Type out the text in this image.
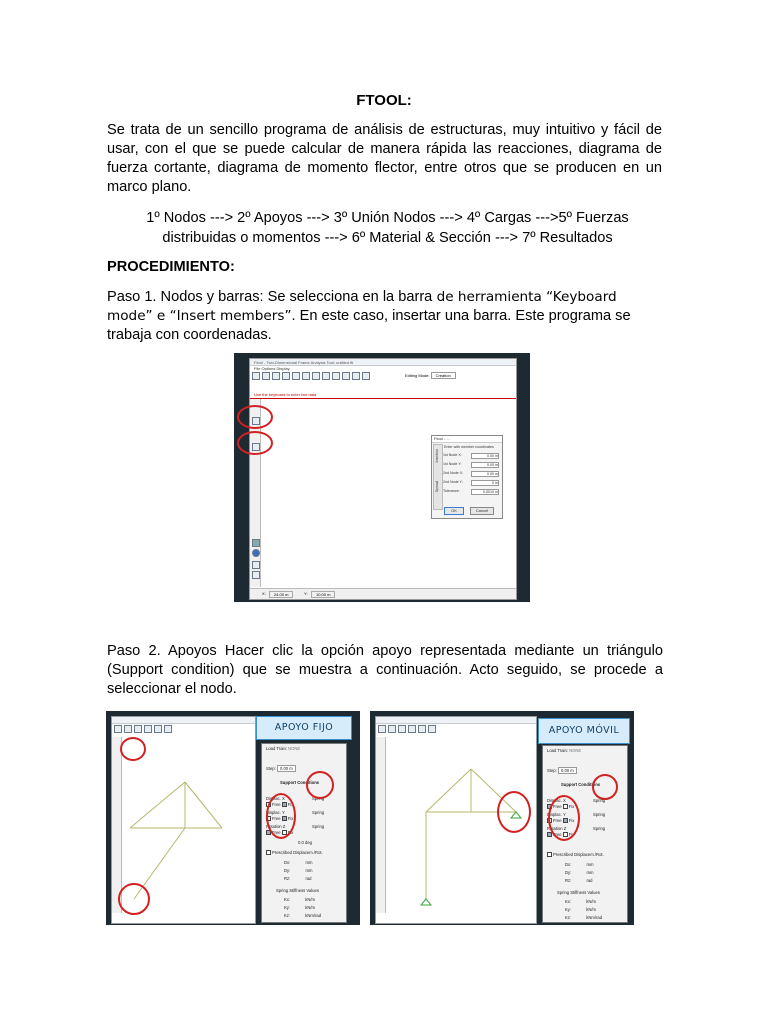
FTOOL:
Se trata de un sencillo programa de análisis de estructuras, muy intuitivo y fácil de usar, con el que se puede calcular de manera rápida las reacciones, diagrama de fuerza cortante, diagrama de momento flector, entre otros que se producen en un marco plano.
1º Nodos ---> 2º Apoyos ---> 3º Unión Nodos ---> 4º Cargas --->5º Fuerzas
distribuidas o momentos ---> 6º Material & Sección ---> 7º Resultados
PROCEDIMIENTO:
Paso 1. Nodos y barras: Se selecciona en la barra de herramienta “Keyboard
mode” e “Insert members”. En este caso, insertar una barra. Este programa se
trabaja con coordenadas.
Paso 2. Apoyos Hacer clic la opción apoyo representada mediante un triángulo (Support condition) que se muestra a continuación. Acto seguido, se procede a seleccionar el nodo.
Ftool - Two-Dimensional Frame Analysis Tool: untitled.ftl
File Options Display
Editing Mode: Creation
Use the keyboard to enter line data
X:	24.00 m	Y:	10.00 m
Ftool - ...
Insertion
Spread
Enter with member coordinates
1st Node X:	0.00 m
1st Node Y:	0.00 m
2nd Node X:	0.00 m
2nd Node Y:	0 m
Tolerance:	0.0010 m
OK	Cancel
APOYO FIJO
Load Train: NONE
Step: 0.00 m
Support Conditions
Displac. X
Free Fix
Spring
Displac. Y
Free Fix
Spring
Rotation Z
Free Fix
Spring
0.0 deg
Prescribed Displacem./Rot.
Dx:	mm
Dy:	mm
Rz:	rad
Spring Stiffness Values
Kx:	kN/m
Ky:	kN/m
Kz:	kNm/rad
APOYO MÓVIL
Load Train: NONE
Step: 0.00 m
Support Conditions
Displac. X
Free Fix
Spring
Displac. Y
Free Fix
Spring
Rotation Z
Free Fix
Spring
Prescribed Displacem./Rot.
Dx:	mm
Dy:	mm
Rz:	rad
Spring Stiffness Values
Kx:	kN/m
Ky:	kN/m
Kz:	kNm/rad
